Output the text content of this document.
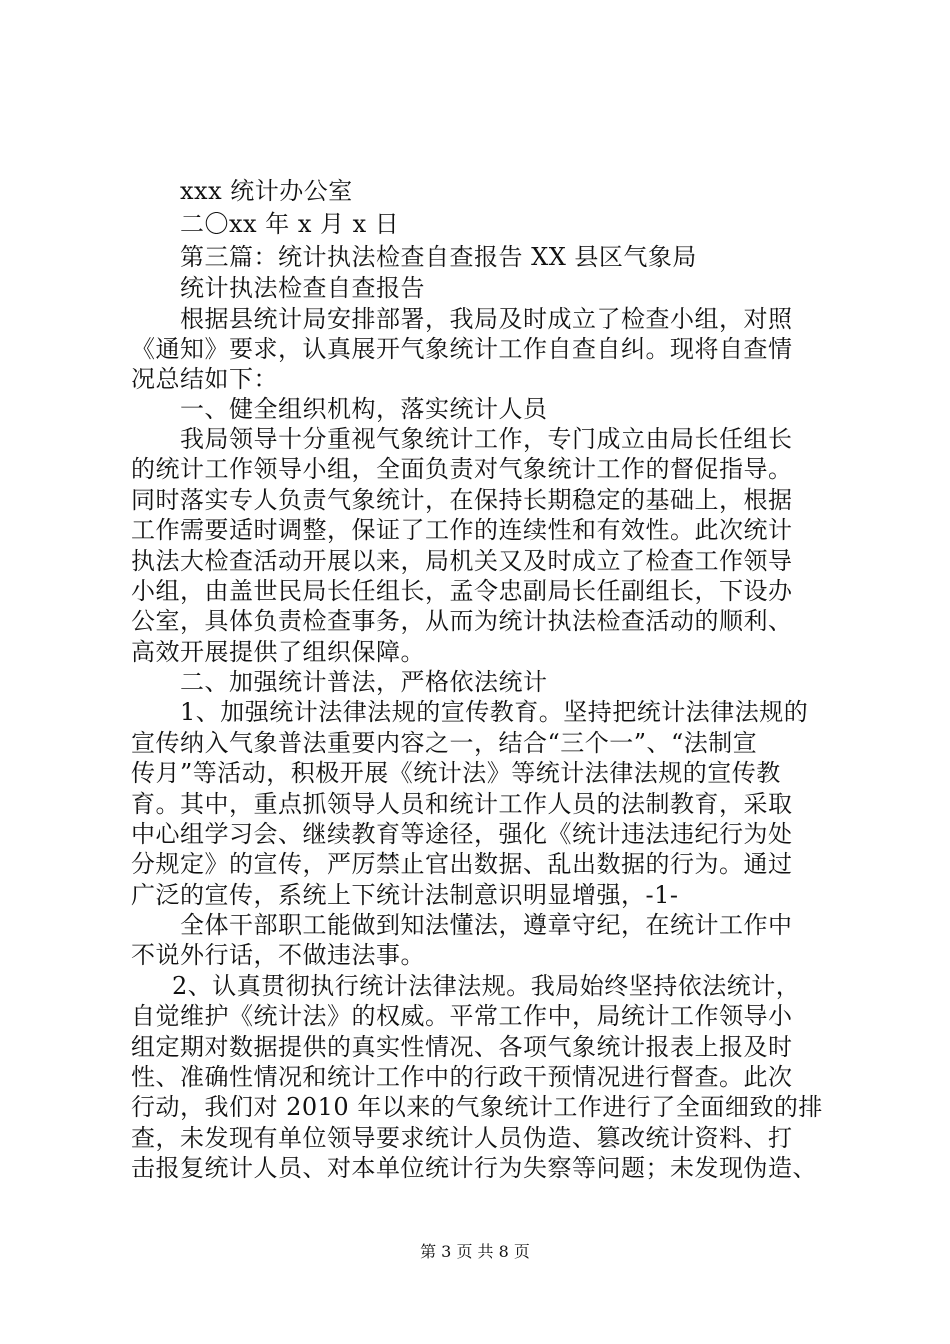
xxx 统计办公室
二〇xx 年 x 月 x 日
第三篇：统计执法检查自查报告 XX 县区气象局
统计执法检查自查报告
根据县统计局安排部署，我局及时成立了检查小组，对照
《通知》要求，认真展开气象统计工作自查自纠。现将自查情
况总结如下：
一、健全组织机构，落实统计人员
我局领导十分重视气象统计工作，专门成立由局长任组长
的统计工作领导小组，全面负责对气象统计工作的督促指导。
同时落实专人负责气象统计，在保持长期稳定的基础上，根据
工作需要适时调整，保证了工作的连续性和有效性。此次统计
执法大检查活动开展以来，局机关又及时成立了检查工作领导
小组，由盖世民局长任组长，孟令忠副局长任副组长，下设办
公室，具体负责检查事务，从而为统计执法检查活动的顺利、
高效开展提供了组织保障。
二、加强统计普法，严格依法统计
1、加强统计法律法规的宣传教育。坚持把统计法律法规的
宣传纳入气象普法重要内容之一，结合“三个一”、“法制宣
传月”等活动，积极开展《统计法》等统计法律法规的宣传教
育。其中，重点抓领导人员和统计工作人员的法制教育，采取
中心组学习会、继续教育等途径，强化《统计违法违纪行为处
分规定》的宣传，严厉禁止官出数据、乱出数据的行为。通过
广泛的宣传，系统上下统计法制意识明显增强，-1-
全体干部职工能做到知法懂法，遵章守纪，在统计工作中
不说外行话，不做违法事。
2、认真贯彻执行统计法律法规。我局始终坚持依法统计，
自觉维护《统计法》的权威。平常工作中，局统计工作领导小
组定期对数据提供的真实性情况、各项气象统计报表上报及时
性、准确性情况和统计工作中的行政干预情况进行督查。此次
行动，我们对 2010 年以来的气象统计工作进行了全面细致的排
查，未发现有单位领导要求统计人员伪造、篡改统计资料、打
击报复统计人员、对本单位统计行为失察等问题；未发现伪造、
第 3 页 共 8 页
